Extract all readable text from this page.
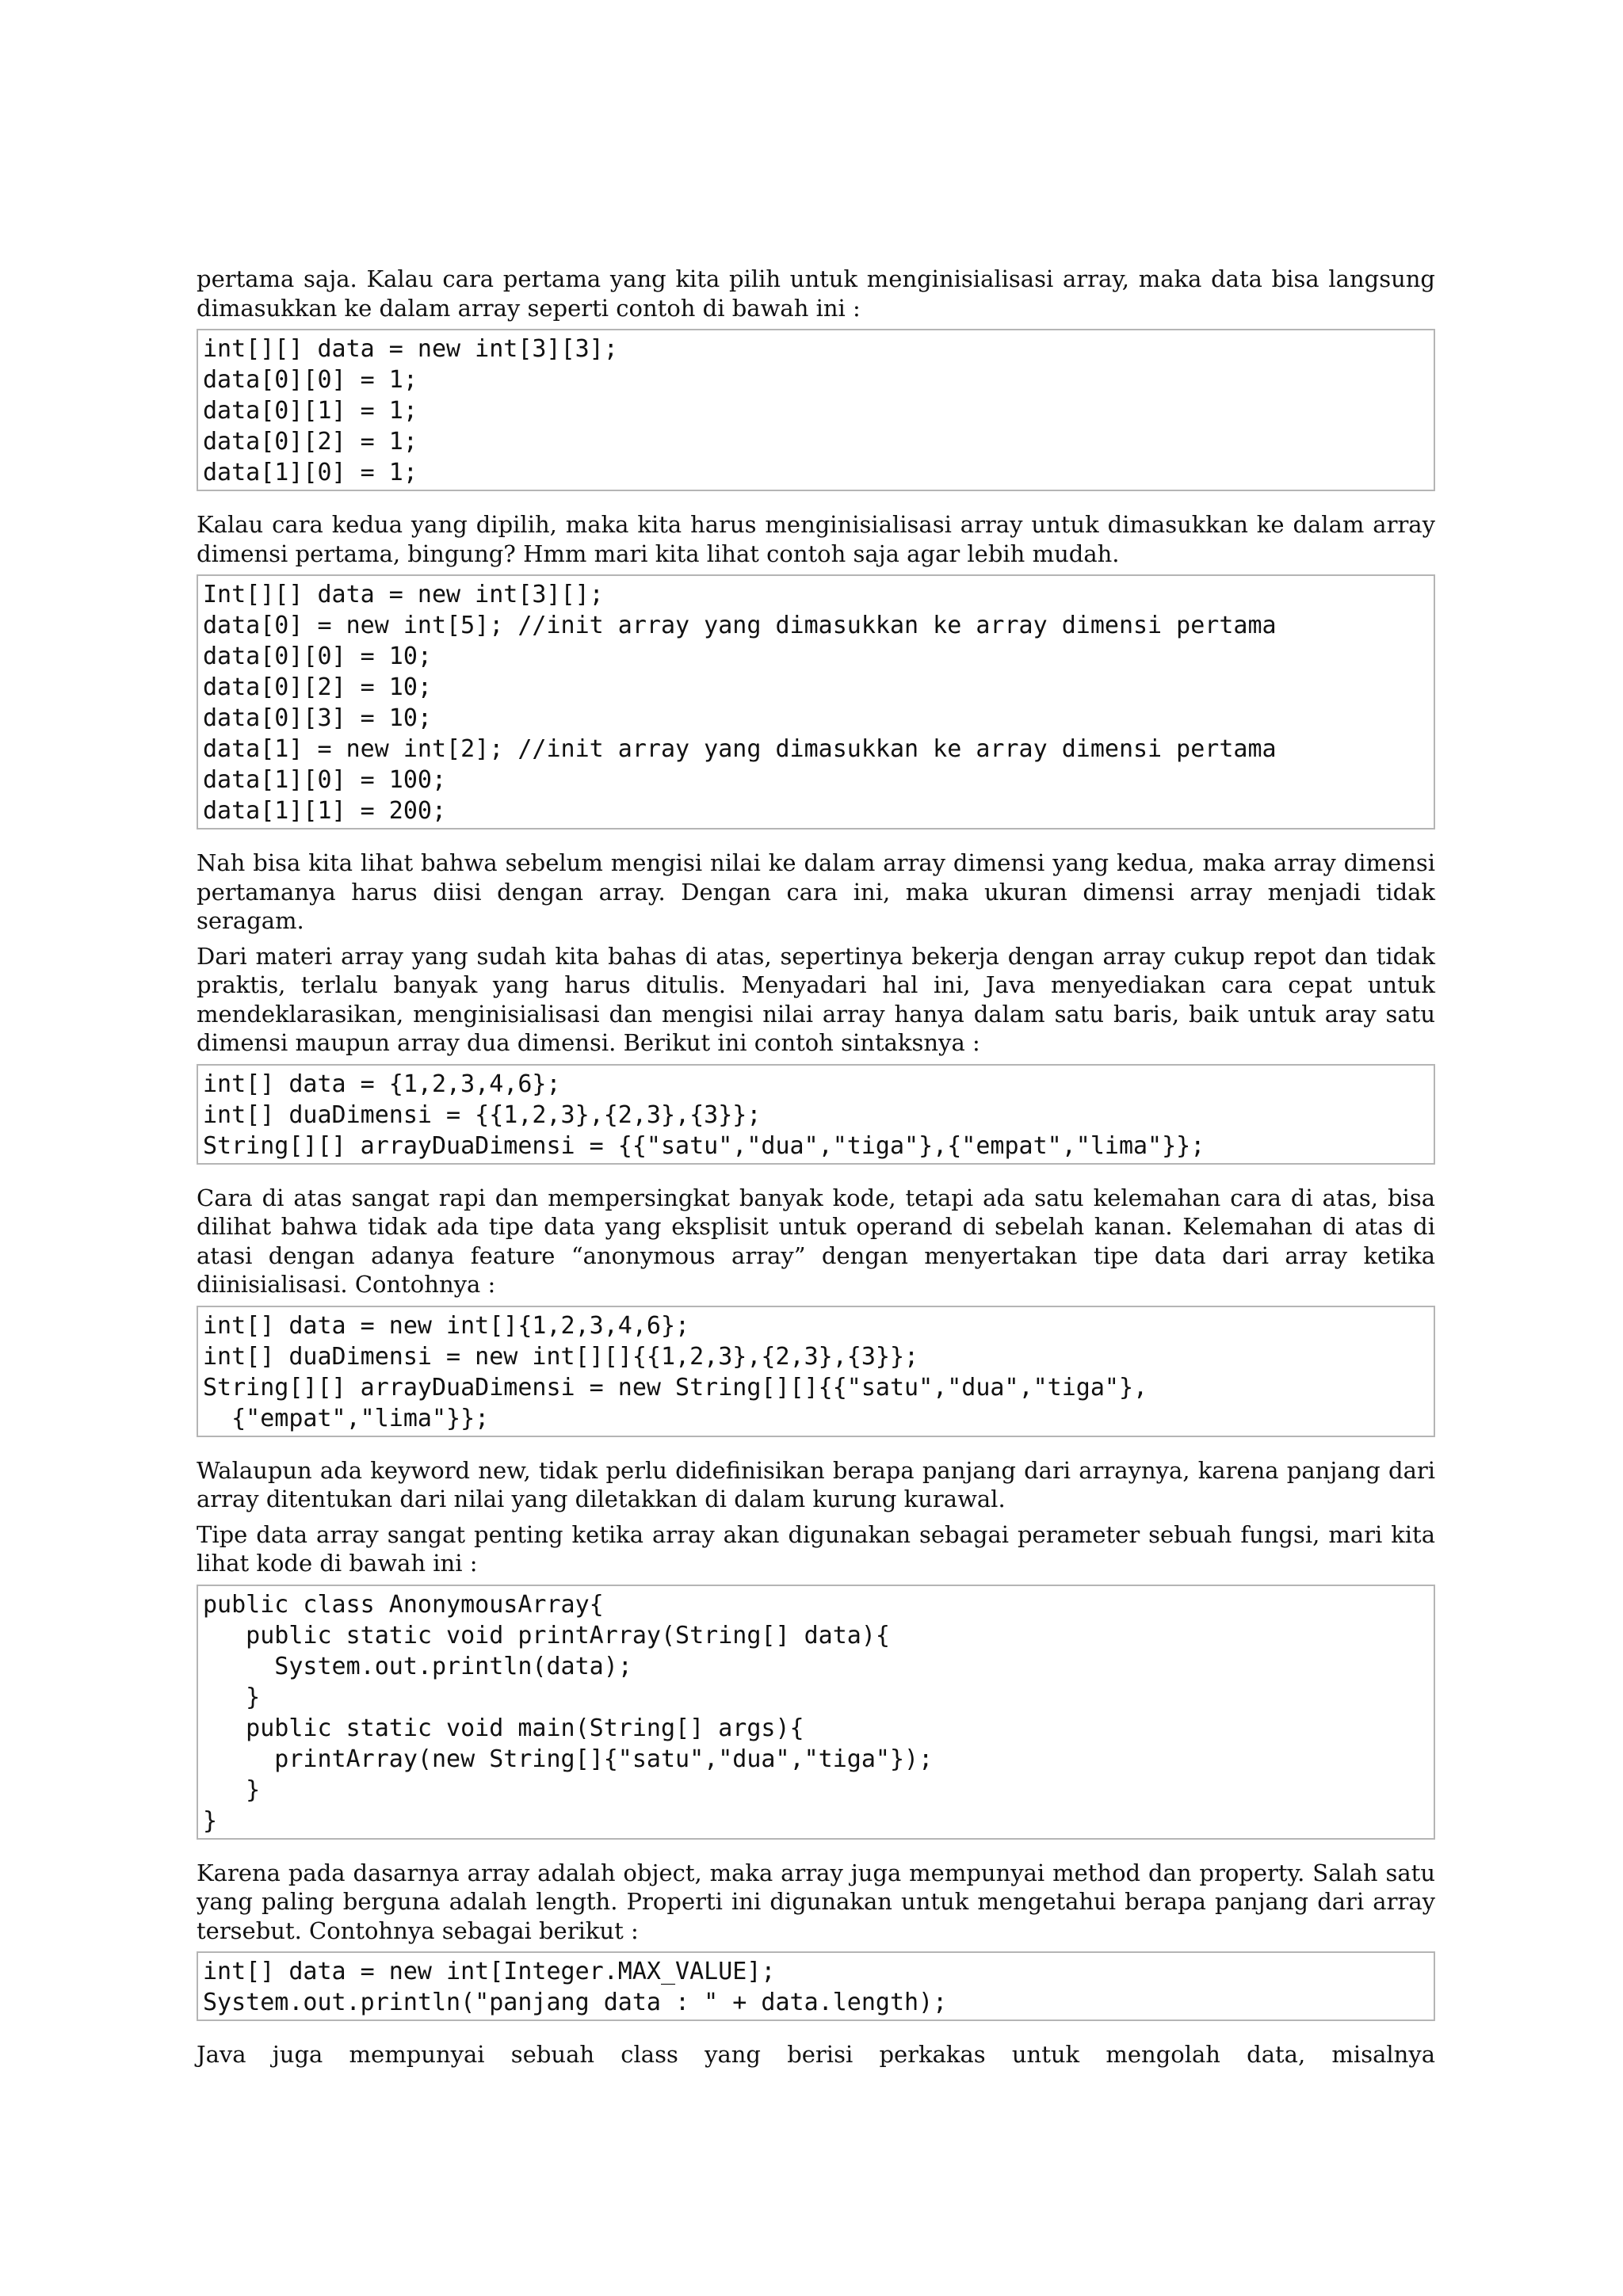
pertama saja. Kalau cara pertama yang kita pilih untuk menginisialisasi array, maka data bisa langsung dimasukkan ke dalam array seperti contoh di bawah ini :

int[][] data = new int[3][3];
data[0][0] = 1;
data[0][1] = 1;
data[0][2] = 1;
data[1][0] = 1;

Kalau cara kedua yang dipilih, maka kita harus menginisialisasi array untuk dimasukkan ke dalam array dimensi pertama, bingung? Hmm mari kita lihat contoh saja agar lebih mudah.

Int[][] data = new int[3][];
data[0] = new int[5]; //init array yang dimasukkan ke array dimensi pertama
data[0][0] = 10;
data[0][2] = 10;
data[0][3] = 10;
data[1] = new int[2]; //init array yang dimasukkan ke array dimensi pertama
data[1][0] = 100;
data[1][1] = 200;

Nah bisa kita lihat bahwa sebelum mengisi nilai ke dalam array dimensi yang kedua, maka array dimensi pertamanya harus diisi dengan array. Dengan cara ini, maka ukuran dimensi array menjadi tidak seragam.

Dari materi array yang sudah kita bahas di atas, sepertinya bekerja dengan array cukup repot dan tidak praktis, terlalu banyak yang harus ditulis. Menyadari hal ini, Java menyediakan cara cepat untuk mendeklarasikan, menginisialisasi dan mengisi nilai array hanya dalam satu baris, baik untuk aray satu dimensi maupun array dua dimensi. Berikut ini contoh sintaksnya :

int[] data = {1,2,3,4,6};
int[] duaDimensi = {{1,2,3},{2,3},{3}};
String[][] arrayDuaDimensi = {{"satu","dua","tiga"},{"empat","lima"}};

Cara di atas sangat rapi dan mempersingkat banyak kode, tetapi ada satu kelemahan cara di atas, bisa dilihat bahwa tidak ada tipe data yang eksplisit untuk operand di sebelah kanan. Kelemahan di atas di atasi dengan adanya feature “anonymous array” dengan menyertakan tipe data dari array ketika diinisialisasi. Contohnya :

int[] data = new int[]{1,2,3,4,6};
int[] duaDimensi = new int[][]{{1,2,3},{2,3},{3}};
String[][] arrayDuaDimensi = new String[][]{{"satu","dua","tiga"},
{"empat","lima"}};

Walaupun ada keyword new, tidak perlu didefinisikan berapa panjang dari arraynya, karena panjang dari array ditentukan dari nilai yang diletakkan di dalam kurung kurawal.

Tipe data array sangat penting ketika array akan digunakan sebagai perameter sebuah fungsi, mari kita lihat kode di bawah ini :

public class AnonymousArray{
public static void printArray(String[] data){
System.out.println(data);
}
public static void main(String[] args){
printArray(new String[]{"satu","dua","tiga"});
}
}

Karena pada dasarnya array adalah object, maka array juga mempunyai method dan property. Salah satu yang paling berguna adalah length. Properti ini digunakan untuk mengetahui berapa panjang dari array tersebut. Contohnya sebagai berikut :

int[] data = new int[Integer.MAX_VALUE];
System.out.println("panjang data : " + data.length);

Java juga mempunyai sebuah class yang berisi perkakas untuk mengolah data, misalnya
